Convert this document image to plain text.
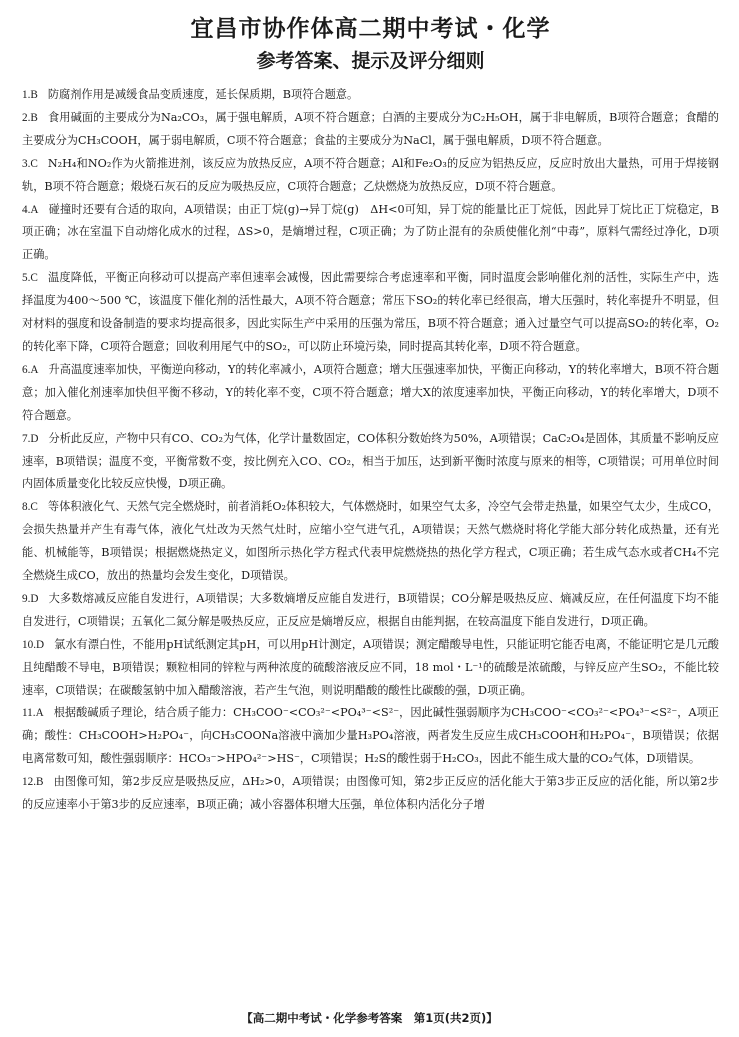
宜昌市协作体高二期中考试・化学
参考答案、提示及评分细则
1.B 防腐剂作用是减缓食品变质速度，延长保质期，B项符合题意。
2.B 食用碱面的主要成分为Na₂CO₃，属于强电解质，A项不符合题意；白酒的主要成分为C₂H₅OH，属于非电解质，B项符合题意；食醋的主要成分为CH₃COOH，属于弱电解质，C项不符合题意；食盐的主要成分为NaCl，属于强电解质，D项不符合题意。
3.C N₂H₄和NO₂作为火箭推进剂，该反应为放热反应，A项不符合题意；Al和Fe₂O₃的反应为铝热反应，反应时放出大量热，可用于焊接钢轨，B项不符合题意；煅烧石灰石的反应为吸热反应，C项符合题意；乙炔燃烧为放热反应，D项不符合题意。
4.A 碰撞时还要有合适的取向，A项错误；由正丁烷(g)→异丁烷(g)　ΔH<0可知，异丁烷的能量比正丁烷低，因此异丁烷比正丁烷稳定，B项正确；冰在室温下自动熔化成水的过程，ΔS>0，是熵增过程，C项正确；为了防止混有的杂质使催化剂“中毒”，原料气需经过净化，D项正确。
5.C 温度降低，平衡正向移动可以提高产率但速率会减慢，因此需要综合考虑速率和平衡，同时温度会影响催化剂的活性，实际生产中，选择温度为400～500 ℃，该温度下催化剂的活性最大，A项不符合题意；常压下SO₂的转化率已经很高，增大压强时，转化率提升不明显，但对材料的强度和设备制造的要求均提高很多，因此实际生产中采用的压强为常压，B项不符合题意；通入过量空气可以提高SO₂的转化率，O₂的转化率下降，C项符合题意；回收利用尾气中的SO₂，可以防止环境污染，同时提高其转化率，D项不符合题意。
6.A 升高温度速率加快，平衡逆向移动，Y的转化率减小，A项符合题意；增大压强速率加快，平衡正向移动，Y的转化率增大，B项不符合题意；加入催化剂速率加快但平衡不移动，Y的转化率不变，C项不符合题意；增大X的浓度速率加快，平衡正向移动，Y的转化率增大，D项不符合题意。
7.D 分析此反应，产物中只有CO、CO₂为气体，化学计量数固定，CO体积分数始终为50%，A项错误；CaC₂O₄是固体，其质量不影响反应速率，B项错误；温度不变，平衡常数不变，按比例充入CO、CO₂，相当于加压，达到新平衡时浓度与原来的相等，C项错误；可用单位时间内固体质量变化比较反应快慢，D项正确。
8.C 等体积液化气、天然气完全燃烧时，前者消耗O₂体积较大，气体燃烧时，如果空气太多，冷空气会带走热量，如果空气太少，生成CO，会损失热量并产生有毒气体，液化气灶改为天然气灶时，应缩小空气进气孔，A项错误；天然气燃烧时将化学能大部分转化成热量，还有光能、机械能等，B项错误；根据燃烧热定义，如图所示热化学方程式代表甲烷燃烧热的热化学方程式，C项正确；若生成气态水或者CH₄不完全燃烧生成CO，放出的热量均会发生变化，D项错误。
9.D 大多数熔减反应能自发进行，A项错误；大多数熵增反应能自发进行，B项错误；CO分解是吸热反应、熵减反应，在任何温度下均不能自发进行，C项错误；五氧化二氮分解是吸热反应，正反应是熵增反应，根据自由能判据，在较高温度下能自发进行，D项正确。
10.D 氯水有漂白性，不能用pH试纸测定其pH，可以用pH计测定，A项错误；测定醋酸导电性，只能证明它能否电离，不能证明它是几元酸且纯醋酸不导电，B项错误；颗粒相同的锌粒与两种浓度的硫酸溶液反应不同，18 mol・L⁻¹的硫酸是浓硫酸，与锌反应产生SO₂，不能比较速率，C项错误；在碳酸氢钠中加入醋酸溶液，若产生气泡，则说明醋酸的酸性比碳酸的强，D项正确。
11.A 根据酸碱质子理论，结合质子能力：CH₃COO⁻<CO₃²⁻<PO₄³⁻<S²⁻，因此碱性强弱顺序为CH₃COO⁻<CO₃²⁻<PO₄³⁻<S²⁻，A项正确；酸性：CH₃COOH>H₂PO₄⁻，向CH₃COONa溶液中滴加少量H₃PO₄溶液，两者发生反应生成CH₃COOH和H₂PO₄⁻，B项错误；依据电离常数可知，酸性强弱顺序：HCO₃⁻>HPO₄²⁻>HS⁻，C项错误；H₂S的酸性弱于H₂CO₃，因此不能生成大量的CO₂气体，D项错误。
12.B 由图像可知，第2步反应是吸热反应，ΔH₂>0，A项错误；由图像可知，第2步正反应的活化能大于第3步正反应的活化能，所以第2步的反应速率小于第3步的反应速率，B项正确；减小容器体积增大压强，单位体积内活化分子增
【高二期中考试・化学参考答案　第1页(共2页)】
